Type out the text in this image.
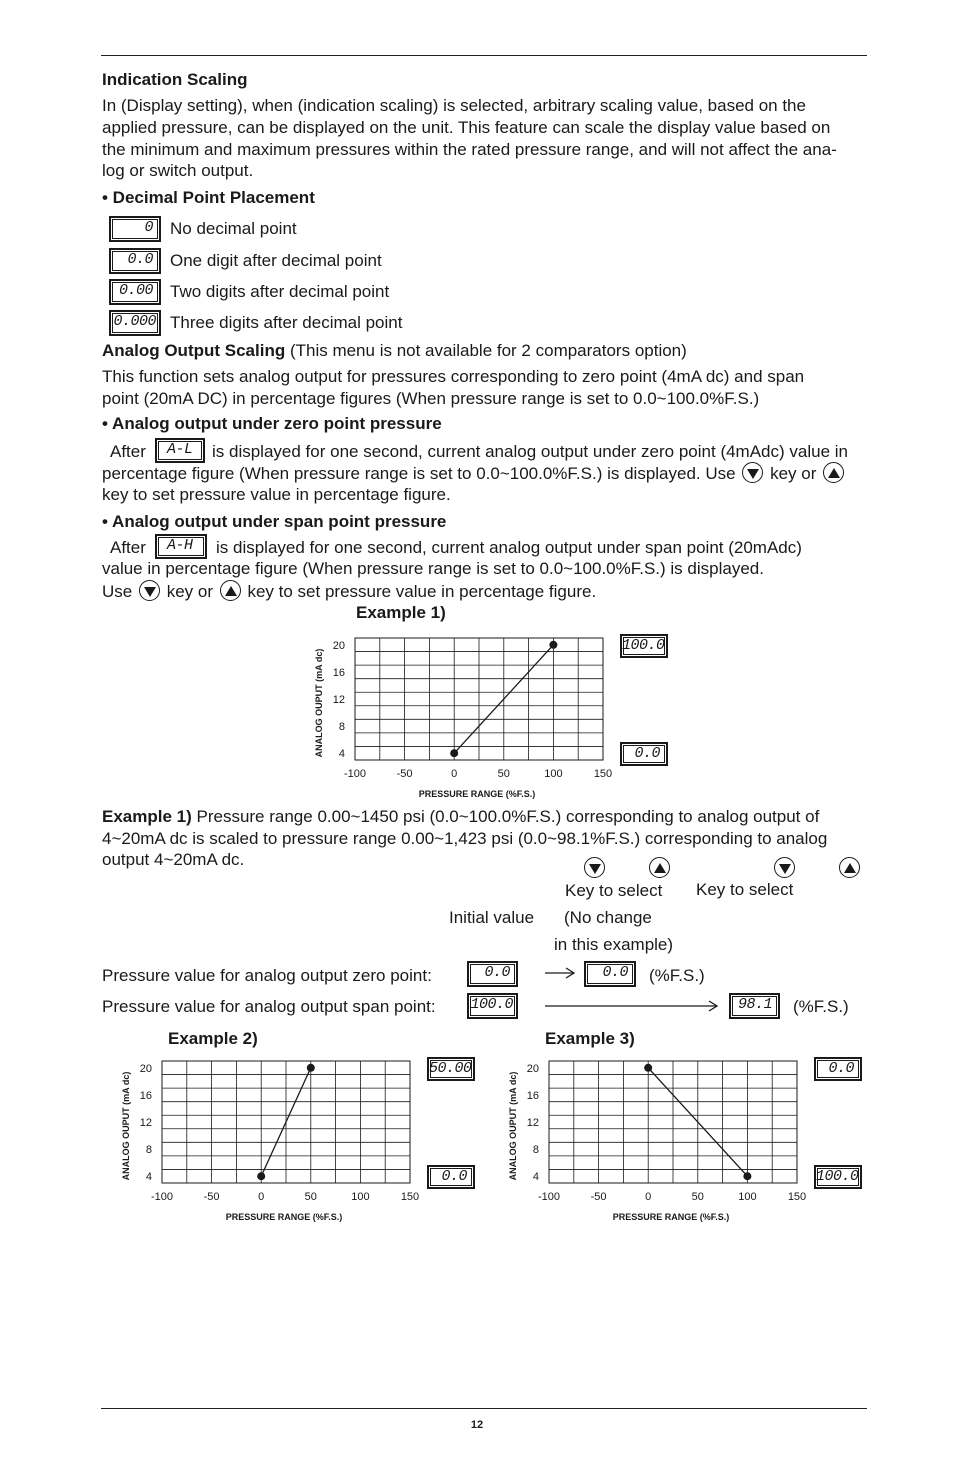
Indication Scaling
In (Display setting), when (indication scaling) is selected, arbitrary scaling value, based on the
applied pressure, can be displayed on the unit. This feature can scale the display value based on
the minimum and maximum pressures within the rated pressure range, and will not affect the ana-
log or switch output.
• Decimal Point Placement
0	No decimal point
0.0	One digit after decimal point
0.00	Two digits after decimal point
0.000 Three digits after decimal point
Analog Output Scaling (This menu is not available for 2 comparators option)
This function sets analog output for pressures corresponding to zero point (4mA dc) and span
point (20mA DC) in percentage figures (When pressure range is set to 0.0~100.0%F.S.)
• Analog output under zero point pressure
After	A-L	is displayed for one second, current analog output under zero point (4mAdc) value in
percentage figure (When pressure range is set to 0.0~100.0%F.S.) is displayed. Use key or
key to set pressure value in percentage figure.
• Analog output under span point pressure
After	A-H	is displayed for one second, current analog output under span point (20mAdc)
value in percentage figure (When pressure range is set to 0.0~100.0%F.S.) is displayed.
Use key or key to set pressure value in percentage figure.
Example 1)
20
16
12
8
4
-100	-50	0	50	100	150
PRESSURE RANGE (%F.S.)
ANALOG OUPUT (mA dc)
100.0
0.0
Example 1) Pressure range 0.00~1450 psi (0.0~100.0%F.S.) corresponding to analog output of
4~20mA dc is scaled to pressure range 0.00~1,423 psi (0.0~98.1%F.S.) corresponding to analog
output 4~20mA dc.

Key to select Key to select
Initial value (No change
in this example)
Pressure value for analog output zero point:	0.0	0.0	(%F.S.)
Pressure value for analog output span point: 100.0	98.1	(%F.S.)
Example 2)
20
16
12
8
4
-100	-50	0	50	100	150
PRESSURE RANGE (%F.S.)
ANALOG OUPUT (mA dc)
50.00
0.0
Example 3)
20
16
12
8
4
-100	-50	0	50	100	150
PRESSURE RANGE (%F.S.)
ANALOG OUPUT (mA dc)
0.0
100.0
12
